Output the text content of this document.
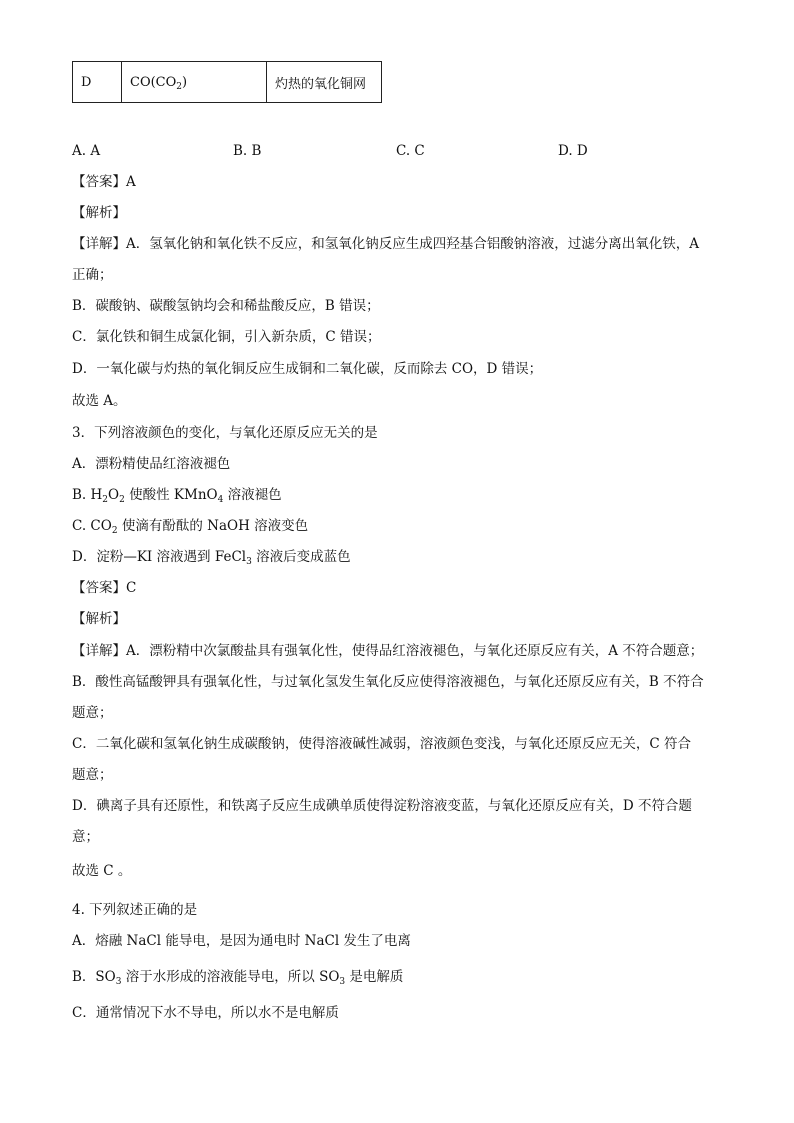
D	$CO(CO_2)$	灼热的氧化铜网
A. A	B. B	C. C	D. D
【答案】A
【解析】
【详解】A．氢氧化钠和氧化铁不反应，和氢氧化钠反应生成四羟基合铝酸钠溶液，过滤分离出氧化铁，A
正确；
B．碳酸钠、碳酸氢钠均会和稀盐酸反应，B 错误；
C．氯化铁和铜生成氯化铜，引入新杂质，C 错误；
D．一氧化碳与灼热的氧化铜反应生成铜和二氧化碳，反而除去 CO，D 错误；
故选 A。
3．下列溶液颜色的变化，与氧化还原反应无关的是
A．漂粉精使品红溶液褪色
B. $H_2O_2$ 使酸性 KMnO$_4$ 溶液褪色
C. $CO_2$ 使滴有酚酞的 NaOH 溶液变色
D．淀粉—KI 溶液遇到 FeCl$_3$ 溶液后变成蓝色
【答案】C
【解析】
【详解】A．漂粉精中次氯酸盐具有强氧化性，使得品红溶液褪色，与氧化还原反应有关，A 不符合题意；
B．酸性高锰酸钾具有强氧化性，与过氧化氢发生氧化反应使得溶液褪色，与氧化还原反应有关，B 不符合
题意；
C．二氧化碳和氢氧化钠生成碳酸钠，使得溶液碱性减弱，溶液颜色变浅，与氧化还原反应无关，C 符合
题意；
D．碘离子具有还原性，和铁离子反应生成碘单质使得淀粉溶液变蓝，与氧化还原反应有关，D 不符合题
意；
故选 C 。
4. 下列叙述正确的是
A．熔融 NaCl 能导电，是因为通电时 NaCl 发生了电离
B．$SO_3$ 溶于水形成的溶液能导电，所以 $SO_3$ 是电解质
C．通常情况下水不导电，所以水不是电解质
